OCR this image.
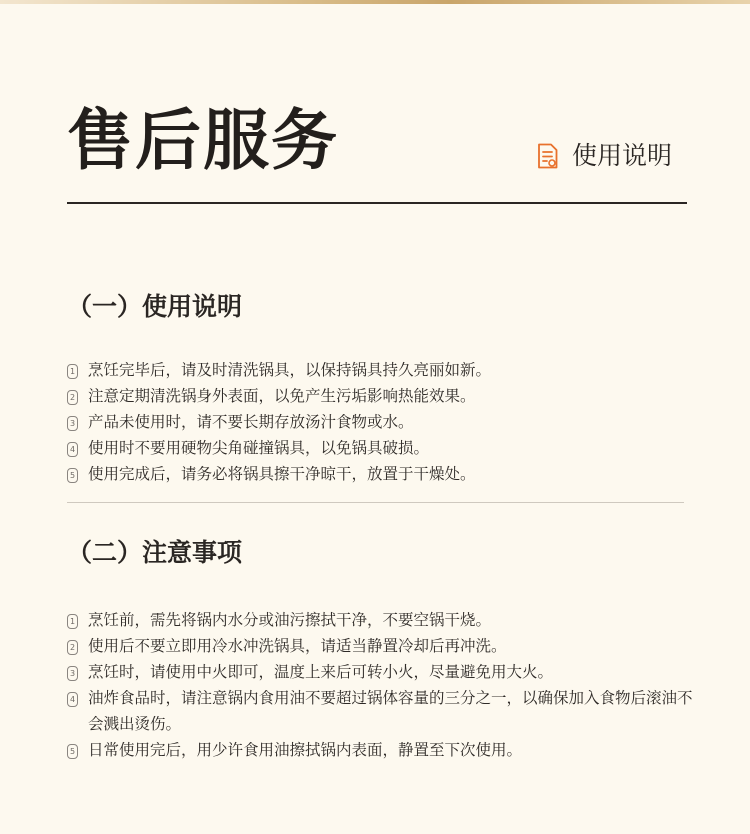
售后服务	使用说明
（一）使用说明
1 烹饪完毕后，请及时清洗锅具，以保持锅具持久亮丽如新。
2 注意定期清洗锅身外表面，以免产生污垢影响热能效果。
3 产品未使用时，请不要长期存放汤汁食物或水。
4 使用时不要用硬物尖角碰撞锅具，以免锅具破损。
5 使用完成后，请务必将锅具擦干净晾干，放置于干燥处。
（二）注意事项
1 烹饪前，需先将锅内水分或油污擦拭干净，不要空锅干烧。
2 使用后不要立即用冷水冲洗锅具，请适当静置冷却后再冲洗。
3 烹饪时，请使用中火即可，温度上来后可转小火，尽量避免用大火。
4 油炸食品时，请注意锅内食用油不要超过锅体容量的三分之一，以确保加入食物后滚油不会溅出烫伤。
5 日常使用完后，用少许食用油擦拭锅内表面，静置至下次使用。
